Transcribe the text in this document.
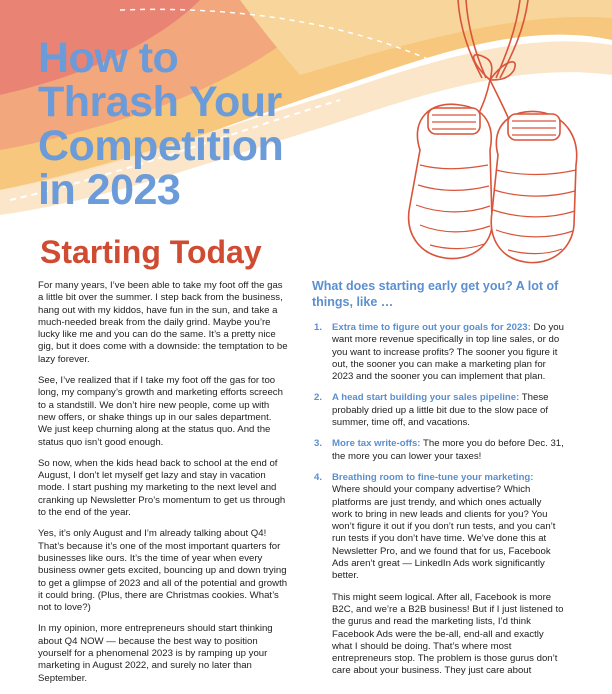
How to
Thrash Your
Competition
in 2023
Starting Today

For many years, I’ve been able to take my foot off the gas a little bit over the summer. I step back from the business, hang out with my kiddos, have fun in the sun, and take a much-needed break from the daily grind. Maybe you’re lucky like me and you can do the same. It’s a pretty nice gig, but it does come with a downside: the temptation to be lazy forever.

See, I’ve realized that if I take my foot off the gas for too long, my company’s growth and marketing efforts screech to a standstill. We don’t hire new people, come up with new offers, or shake things up in our sales department. We just keep churning along at the status quo. And the status quo isn’t good enough.

So now, when the kids head back to school at the end of August, I don’t let myself get lazy and stay in vacation mode. I start pushing my marketing to the next level and cranking up Newsletter Pro’s momentum to get us through to the end of the year.

Yes, it’s only August and I’m already talking about Q4! That’s because it’s one of the most important quarters for businesses like ours. It’s the time of year when every business owner gets excited, bouncing up and down trying to get a glimpse of 2023 and all of the potential and growth it could bring. (Plus, there are Christmas cookies. What’s not to love?)

In my opinion, more entrepreneurs should start thinking about Q4 NOW — because the best way to position yourself for a phenomenal 2023 is by ramping up your marketing in August 2022, and surely no later than September.

What does starting early get you? A lot of things, like …
1. Extra time to figure out your goals for 2023: Do you want more revenue specifically in top line sales, or do you want to increase profits? The sooner you figure it out, the sooner you can make a marketing plan for 2023 and the sooner you can implement that plan.
2. A head start building your sales pipeline: These probably dried up a little bit due to the slow pace of summer, time off, and vacations.
3. More tax write-offs: The more you do before Dec. 31, the more you can lower your taxes!
4. Breathing room to fine-tune your marketing: Where should your company advertise? Which platforms are just trendy, and which ones actually work to bring in new leads and clients for you? You won’t figure it out if you don’t run tests, and you can’t run tests if you don’t have time. We’ve done this at Newsletter Pro, and we found that for us, Facebook Ads aren’t great — LinkedIn Ads work significantly better.

This might seem logical. After all, Facebook is more B2C, and we’re a B2B business! But if I just listened to the gurus and read the marketing lists, I’d think Facebook Ads were the be-all, end-all and exactly what I should be doing. That’s where most entrepreneurs stop. The problem is those gurus don’t care about your business. They just care about
